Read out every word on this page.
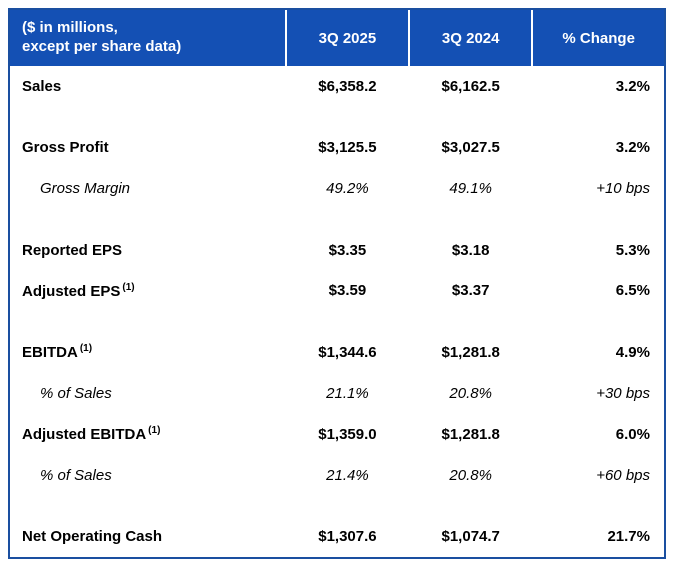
($ in millions,
except per share data)	3Q 2025	3Q 2024	% Change
Sales	$6,358.2	$6,162.5	3.2%

Gross Profit	$3,125.5	$3,027.5	3.2%
Gross Margin	49.2%	49.1%	+10 bps

Reported EPS	$3.35	$3.18	5.3%
Adjusted EPS $^{(1)}$	$3.59	$3.37	6.5%

EBITDA $^{(1)}$	$1,344.6	$1,281.8	4.9%
% of Sales	21.1%	20.8%	+30 bps
Adjusted EBITDA $^{(1)}$	$1,359.0	$1,281.8	6.0%
% of Sales	21.4%	20.8%	+60 bps

Net Operating Cash	$1,307.6	$1,074.7	21.7%
